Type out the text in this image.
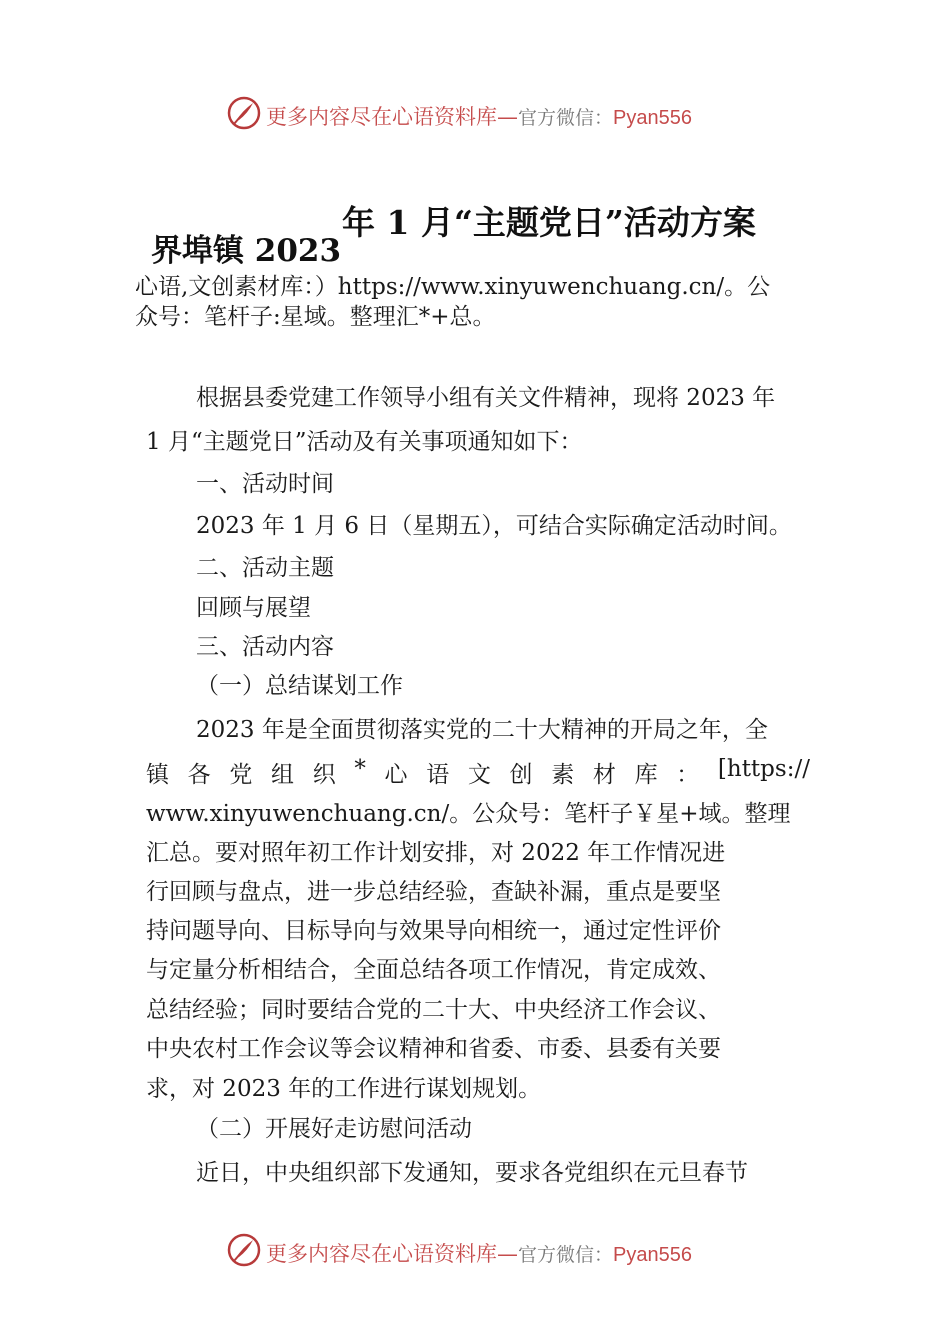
更多内容尽在心语资料库—官方微信：Pyan556
年 1 月“主题党日”活动方案
界埠镇 2023
心语,文创素材库：）https://www.xinyuwenchuang.cn/。公
众号：笔杆子:星域。整理汇*+总。
根据县委党建工作领导小组有关文件精神，现将 2023 年
1 月“主题党日”活动及有关事项通知如下：
一、活动时间
2023 年 1 月 6 日（星期五），可结合实际确定活动时间。
二、活动主题
回顾与展望
三、活动内容
（一）总结谋划工作
2023 年是全面贯彻落实党的二十大精神的开局之年，全
镇 各 党 组 织 * 心 语 文 创 素 材 库 ： [https://
www.xinyuwenchuang.cn/。公众号：笔杆子￥星+域。整理
汇总。要对照年初工作计划安排，对 2022 年工作情况进
行回顾与盘点，进一步总结经验，查缺补漏，重点是要坚
持问题导向、目标导向与效果导向相统一，通过定性评价
与定量分析相结合，全面总结各项工作情况，肯定成效、
总结经验；同时要结合党的二十大、中央经济工作会议、
中央农村工作会议等会议精神和省委、市委、县委有关要
求，对 2023 年的工作进行谋划规划。
（二）开展好走访慰问活动
近日，中央组织部下发通知，要求各党组织在元旦春节
更多内容尽在心语资料库—官方微信：Pyan556
